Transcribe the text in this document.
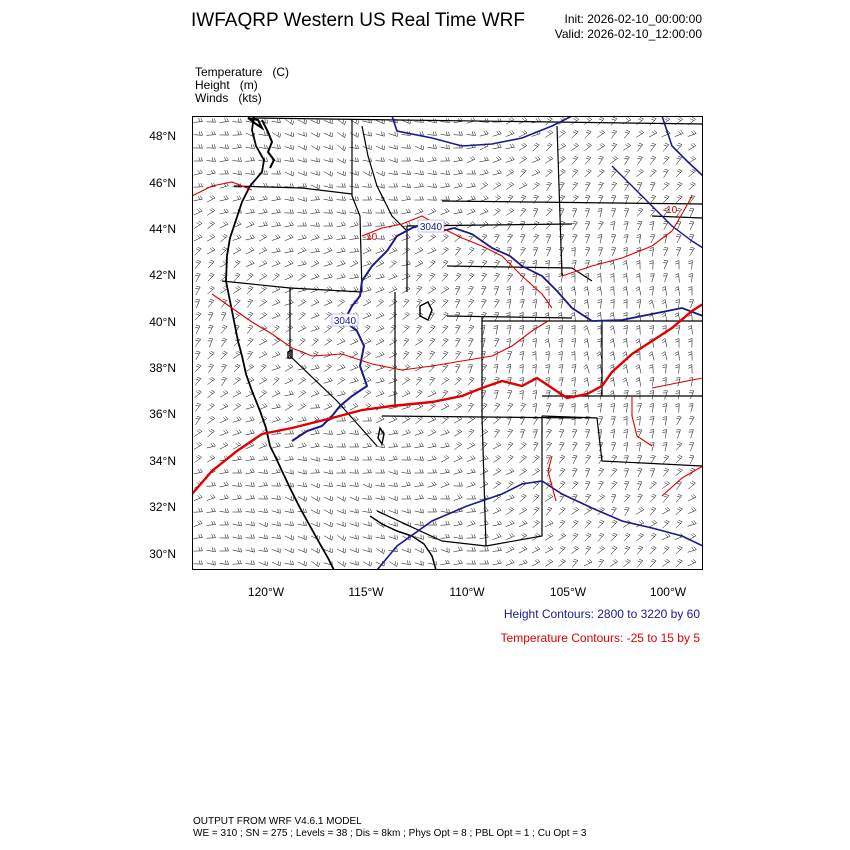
IWFAQRP Western US Real Time WRF	Init: 2026-02-10_00:00:00
Valid: 2026-02-10_12:00:00
Temperature (C)
Height (m)
Winds (kts)
48°N
46°N
44°N
42°N
40°N
38°N
36°N
34°N
32°N
30°N
120°W	115°W	110°W	105°W	100°W
3040
3040
-10
-10
Height Contours: 2800 to 3220 by 60
Temperature Contours: -25 to 15 by 5
OUTPUT FROM WRF V4.6.1 MODEL
WE = 310 ; SN = 275 ; Levels = 38 ; Dis = 8km ; Phys Opt = 8 ; PBL Opt = 1 ; Cu Opt = 3
